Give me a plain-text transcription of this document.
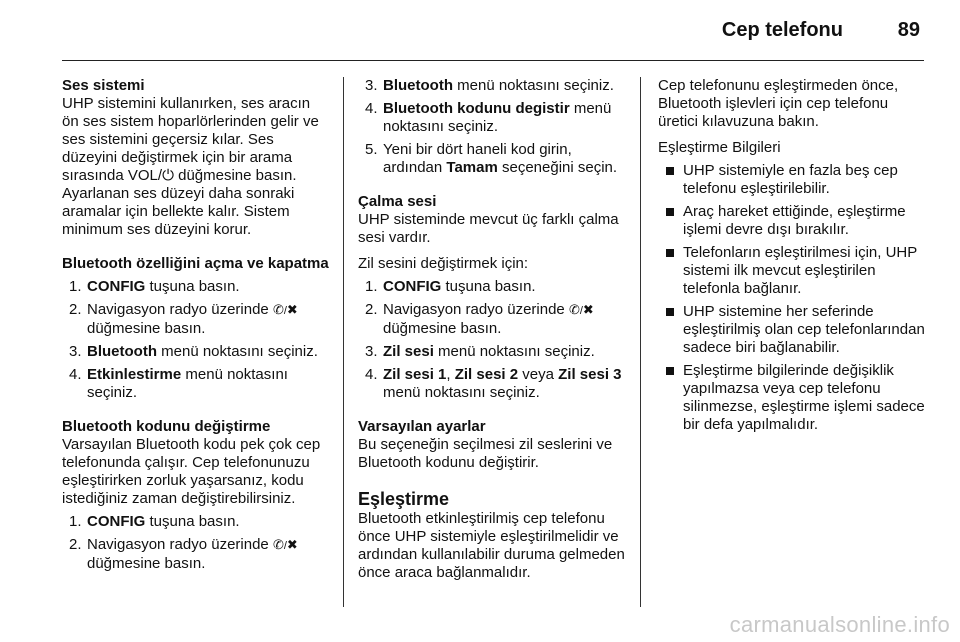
Cep telefonu	89

Ses sistemi

UHP sistemini kullanırken, ses aracın ön ses sistem hoparlörlerinden gelir ve ses sistemini geçersiz kılar. Ses düzeyini değiştirmek için bir arama sırasında VOL/⏻ düğmesine basın. Ayarlanan ses düzeyi daha sonraki aramalar için bellekte kalır. Sistem minimum ses düzeyini korur.

Bluetooth özelliğini açma ve kapatma

1. CONFIG tuşuna basın.
2. Navigasyon radyo üzerinde ✆/✖ düğmesine basın.
3. Bluetooth menü noktasını seçiniz.
4. Etkinlestirme menü noktasını seçiniz.

Bluetooth kodunu değiştirme

Varsayılan Bluetooth kodu pek çok cep telefonunda çalışır. Cep telefonunuzu eşleştirirken zorluk yaşarsanız, kodu istediğiniz zaman değiştirebilirsiniz.

1. CONFIG tuşuna basın.
2. Navigasyon radyo üzerinde ✆/✖ düğmesine basın.
3. Bluetooth menü noktasını seçiniz.
4. Bluetooth kodunu degistir menü noktasını seçiniz.
5. Yeni bir dört haneli kod girin, ardından Tamam seçeneğini seçin.

Çalma sesi

UHP sisteminde mevcut üç farklı çalma sesi vardır.

Zil sesini değiştirmek için:

1. CONFIG tuşuna basın.
2. Navigasyon radyo üzerinde ✆/✖ düğmesine basın.
3. Zil sesi menü noktasını seçiniz.
4. Zil sesi 1, Zil sesi 2 veya Zil sesi 3 menü noktasını seçiniz.

Varsayılan ayarlar

Bu seçeneğin seçilmesi zil seslerini ve Bluetooth kodunu değiştirir.

Eşleştirme

Bluetooth etkinleştirilmiş cep telefonu önce UHP sistemiyle eşleştirilmelidir ve ardından kullanılabilir duruma gelmeden önce araca bağlanmalıdır.

Cep telefonunu eşleştirmeden önce, Bluetooth işlevleri için cep telefonu üretici kılavuzuna bakın.

Eşleştirme Bilgileri

UHP sistemiyle en fazla beş cep telefonu eşleştirilebilir.
Araç hareket ettiğinde, eşleştirme işlemi devre dışı bırakılır.
Telefonların eşleştirilmesi için, UHP sistemi ilk mevcut eşleştirilen telefonla bağlanır.
UHP sistemine her seferinde eşleştirilmiş olan cep telefonlarından sadece biri bağlanabilir.
Eşleştirme bilgilerinde değişiklik yapılmazsa veya cep telefonu silinmezse, eşleştirme işlemi sadece bir defa yapılmalıdır.
carmanualsonline.info
